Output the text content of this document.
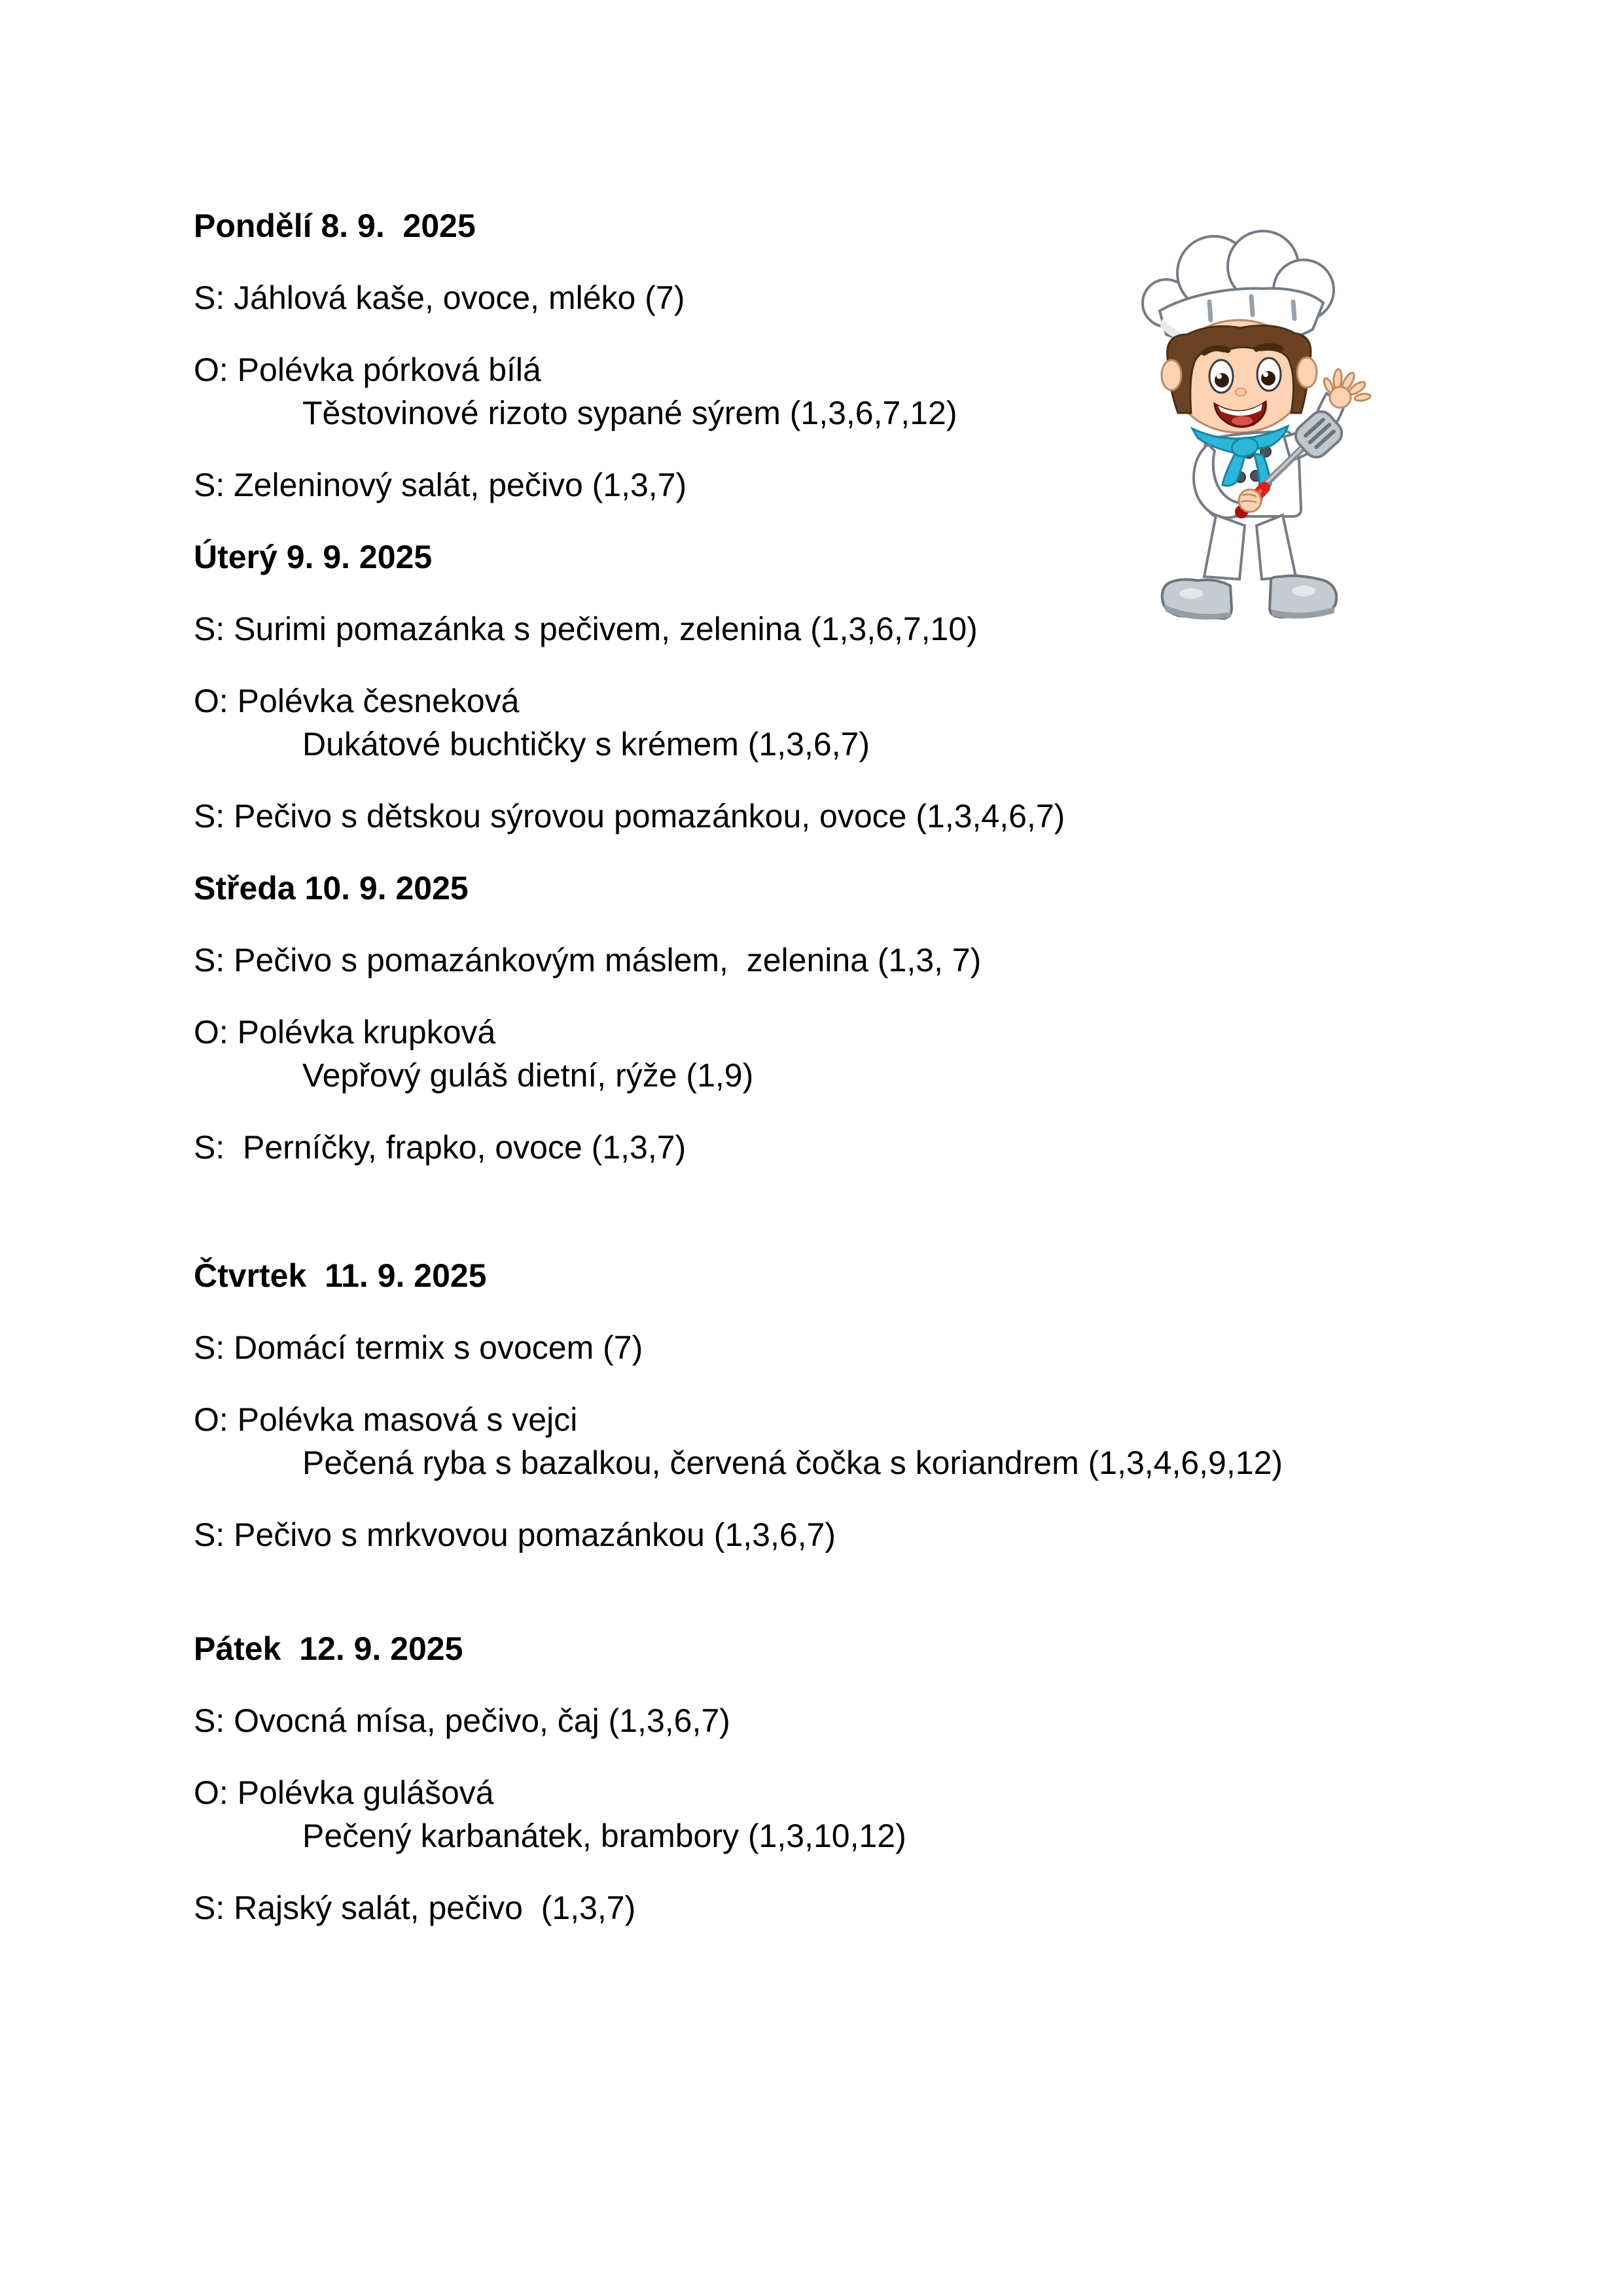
Pondělí 8. 9.  2025

S: Jáhlová kaše, ovoce, mléko (7)

O: Polévka pórková bílá

Těstovinové rizoto sypané sýrem (1,3,6,7,12)

S: Zeleninový salát, pečivo (1,3,7)

Úterý 9. 9. 2025

S: Surimi pomazánka s pečivem, zelenina (1,3,6,7,10)

O: Polévka česneková

Dukátové buchtičky s krémem (1,3,6,7)

S: Pečivo s dětskou sýrovou pomazánkou, ovoce (1,3,4,6,7)

Středa 10. 9. 2025

S: Pečivo s pomazánkovým máslem,  zelenina (1,3, 7)

O: Polévka krupková

Vepřový guláš dietní, rýže (1,9)

S:  Perníčky, frapko, ovoce (1,3,7)

Čtvrtek  11. 9. 2025

S: Domácí termix s ovocem (7)

O: Polévka masová s vejci

Pečená ryba s bazalkou, červená čočka s koriandrem (1,3,4,6,9,12)

S: Pečivo s mrkvovou pomazánkou (1,3,6,7)

Pátek  12. 9. 2025

S: Ovocná mísa, pečivo, čaj (1,3,6,7)

O: Polévka gulášová

Pečený karbanátek, brambory (1,3,10,12)

S: Rajský salát, pečivo  (1,3,7)
